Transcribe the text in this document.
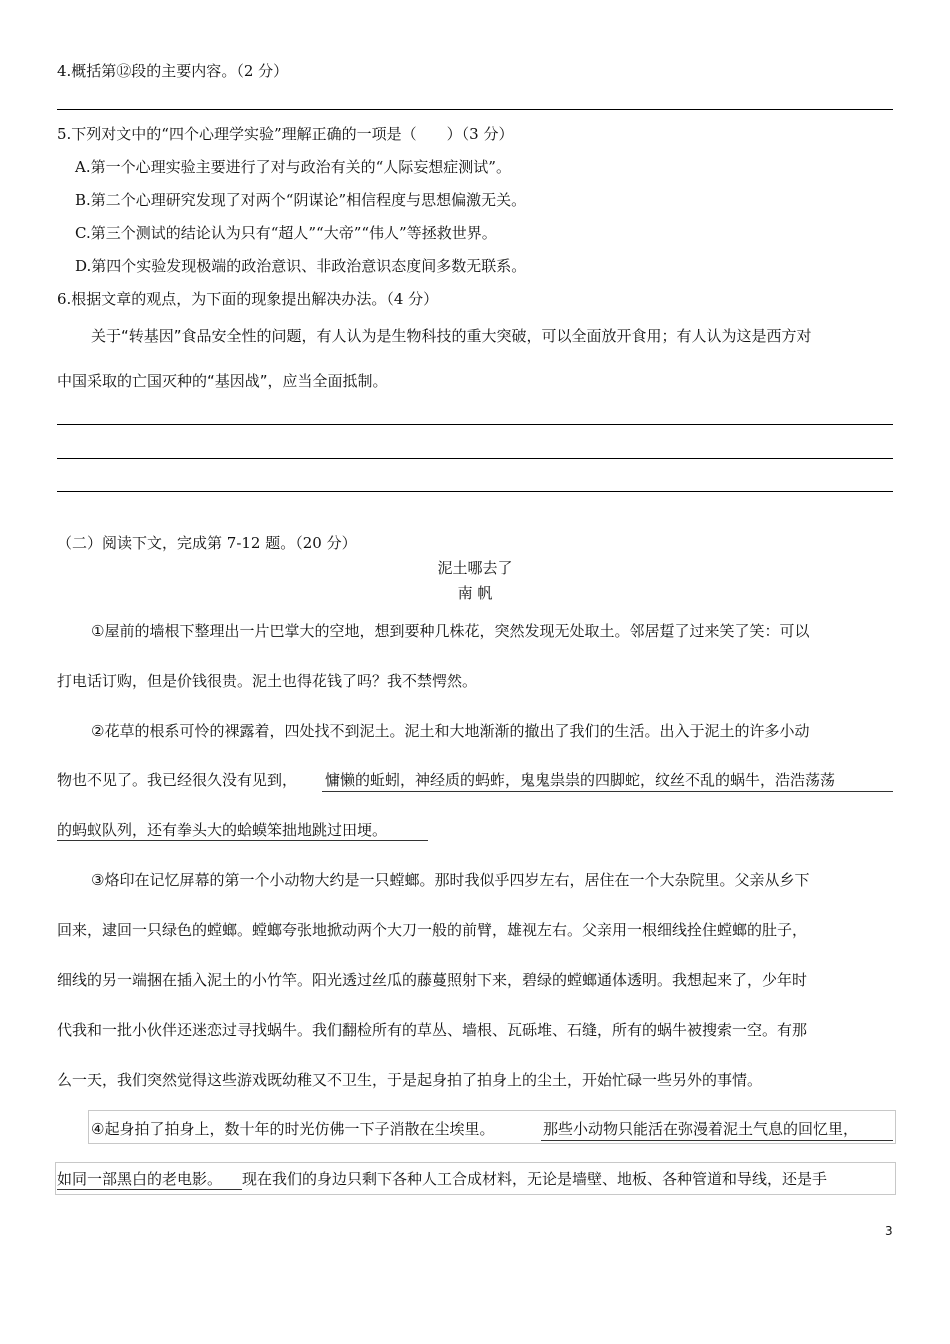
4.概括第⑫段的主要内容。（2 分）
5.下列对文中的“四个心理学实验”理解正确的一项是（　　）（3 分）
A.第一个心理实验主要进行了对与政治有关的“人际妄想症测试”。
B.第二个心理研究发现了对两个“阴谋论”相信程度与思想偏激无关。
C.第三个测试的结论认为只有“超人”“大帝”“伟人”等拯救世界。
D.第四个实验发现极端的政治意识、非政治意识态度间多数无联系。
6.根据文章的观点，为下面的现象提出解决办法。（4 分）
关于“转基因”食品安全性的问题，有人认为是生物科技的重大突破，可以全面放开食用；有人认为这是西方对
中国采取的亡国灭种的“基因战”，应当全面抵制。
（二）阅读下文，完成第 7-12 题。（20 分）
泥土哪去了
南 帆
①屋前的墙根下整理出一片巴掌大的空地，想到要种几株花，突然发现无处取土。邻居踅了过来笑了笑：可以
打电话订购，但是价钱很贵。泥土也得花钱了吗？我不禁愕然。
②花草的根系可怜的裸露着，四处找不到泥土。泥土和大地渐渐的撤出了我们的生活。出入于泥土的许多小动
物也不见了。我已经很久没有见到， 慵懒的蚯蚓，神经质的蚂蚱，鬼鬼祟祟的四脚蛇，纹丝不乱的蜗牛，浩浩荡荡
的蚂蚁队列，还有拳头大的蛤蟆笨拙地跳过田埂。
③烙印在记忆屏幕的第一个小动物大约是一只螳螂。那时我似乎四岁左右，居住在一个大杂院里。父亲从乡下
回来，逮回一只绿色的螳螂。螳螂夸张地掀动两个大刀一般的前臂，雄视左右。父亲用一根细线拴住螳螂的肚子，
细线的另一端捆在插入泥土的小竹竿。阳光透过丝瓜的藤蔓照射下来，碧绿的螳螂通体透明。我想起来了，少年时
代我和一批小伙伴还迷恋过寻找蜗牛。我们翻检所有的草丛、墙根、瓦砾堆、石缝，所有的蜗牛被搜索一空。有那
么一天，我们突然觉得这些游戏既幼稚又不卫生，于是起身拍了拍身上的尘土，开始忙碌一些另外的事情。
④起身拍了拍身上，数十年的时光仿佛一下子消散在尘埃里。	那些小动物只能活在弥漫着泥土气息的回忆里，
如同一部黑白的老电影。 现在我们的身边只剩下各种人工合成材料，无论是墙壁、地板、各种管道和导线，还是手
3
